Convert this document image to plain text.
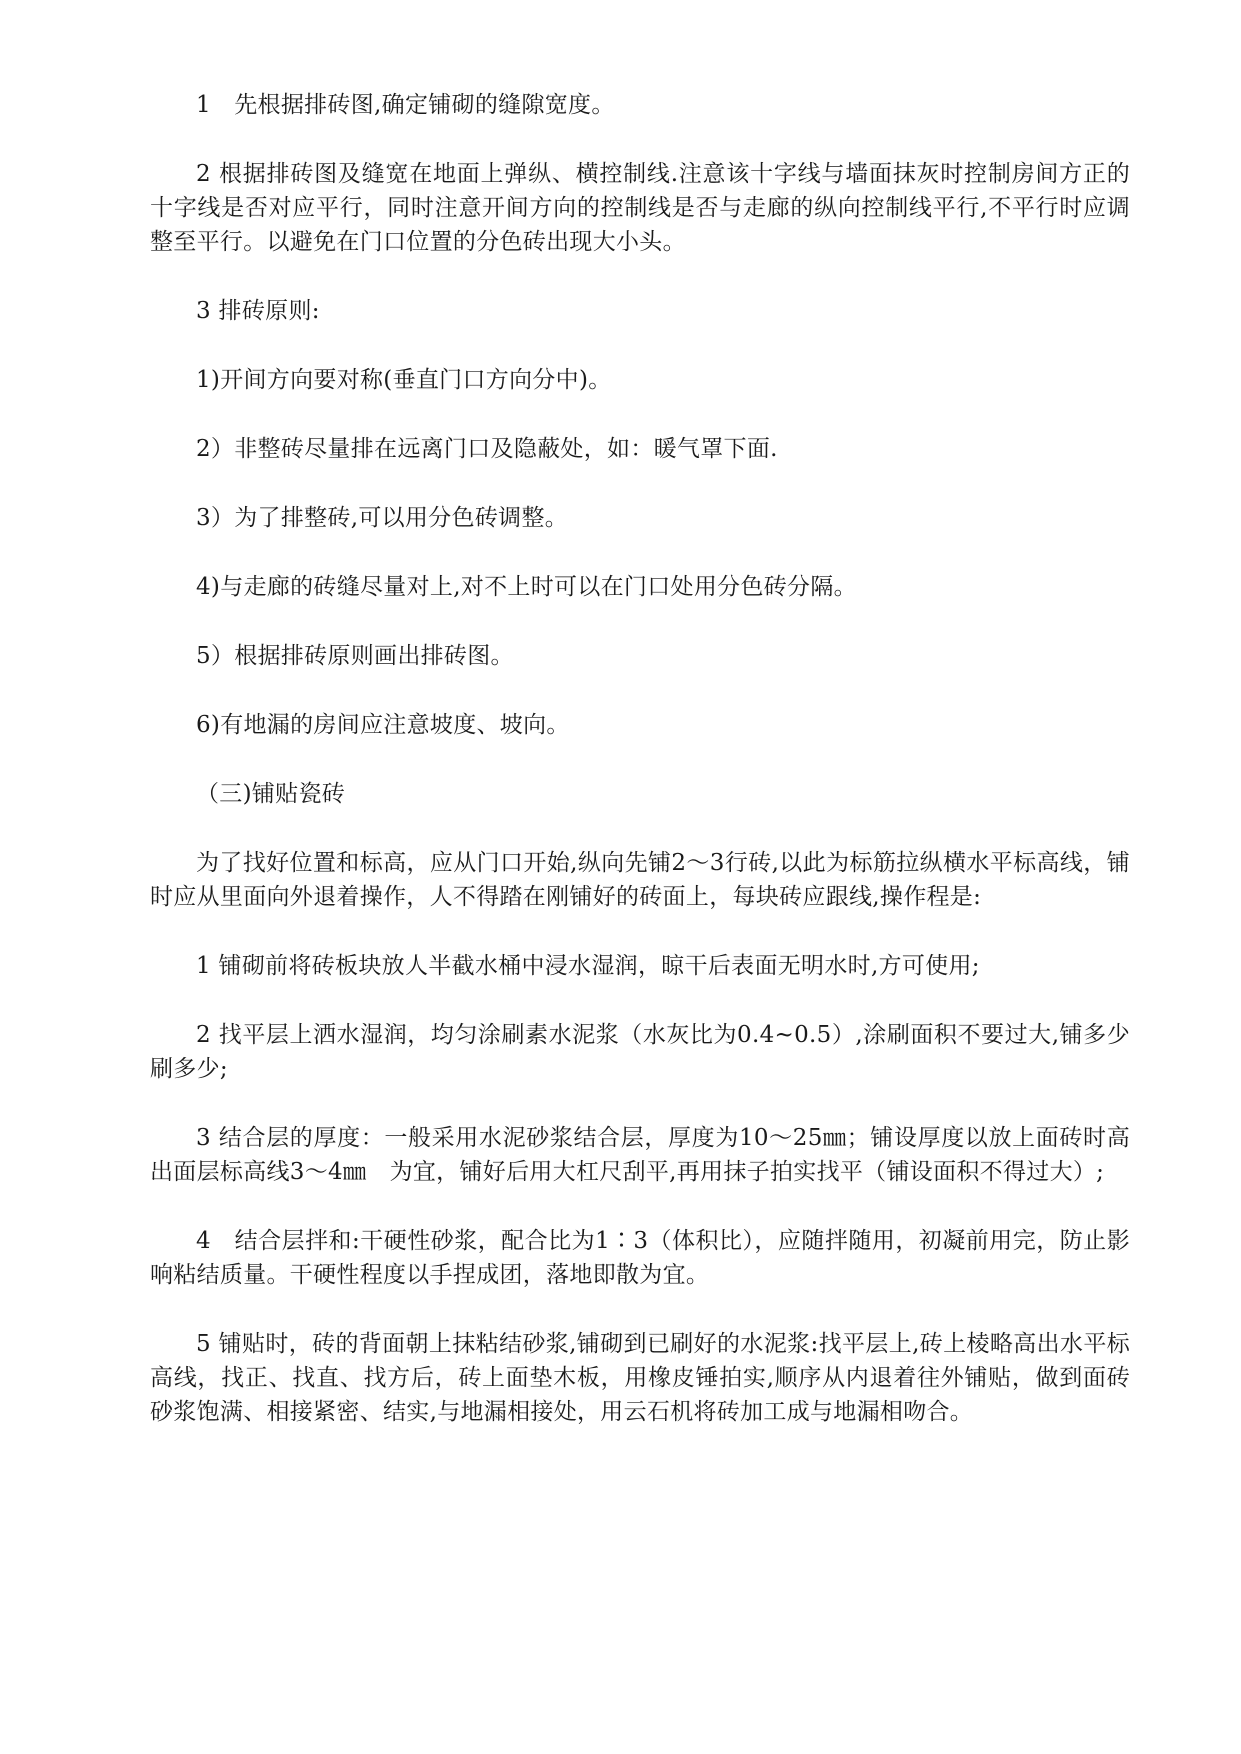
1　先根据排砖图,确定铺砌的缝隙宽度。

2 根据排砖图及缝宽在地面上弹纵、横控制线.注意该十字线与墙面抹灰时控制房间方正的十字线是否对应平行，同时注意开间方向的控制线是否与走廊的纵向控制线平行,不平行时应调整至平行。以避免在门口位置的分色砖出现大小头。

3 排砖原则:

1)开间方向要对称(垂直门口方向分中)。

2）非整砖尽量排在远离门口及隐蔽处，如：暖气罩下面.

3）为了排整砖,可以用分色砖调整。

4)与走廊的砖缝尽量对上,对不上时可以在门口处用分色砖分隔。

5）根据排砖原则画出排砖图。

6)有地漏的房间应注意坡度、坡向。

（三)铺贴瓷砖

为了找好位置和标高，应从门口开始,纵向先铺2～3行砖,以此为标筋拉纵横水平标高线，铺时应从里面向外退着操作，人不得踏在刚铺好的砖面上，每块砖应跟线,操作程是:

1 铺砌前将砖板块放人半截水桶中浸水湿润，晾干后表面无明水时,方可使用;

2 找平层上洒水湿润，均匀涂刷素水泥浆（水灰比为0.4~0.5）,涂刷面积不要过大,铺多少刷多少;

3 结合层的厚度：一般采用水泥砂浆结合层，厚度为10～25㎜；铺设厚度以放上面砖时高出面层标高线3～4㎜　为宜，铺好后用大杠尺刮平,再用抹子拍实找平（铺设面积不得过大）;

4　结合层拌和:干硬性砂浆，配合比为1∶3（体积比），应随拌随用，初凝前用完，防止影响粘结质量。干硬性程度以手捏成团，落地即散为宜。

5 铺贴时，砖的背面朝上抹粘结砂浆,铺砌到已刷好的水泥浆:找平层上,砖上棱略高出水平标高线，找正、找直、找方后，砖上面垫木板，用橡皮锤拍实,顺序从内退着往外铺贴，做到面砖砂浆饱满、相接紧密、结实,与地漏相接处，用云石机将砖加工成与地漏相吻合。
